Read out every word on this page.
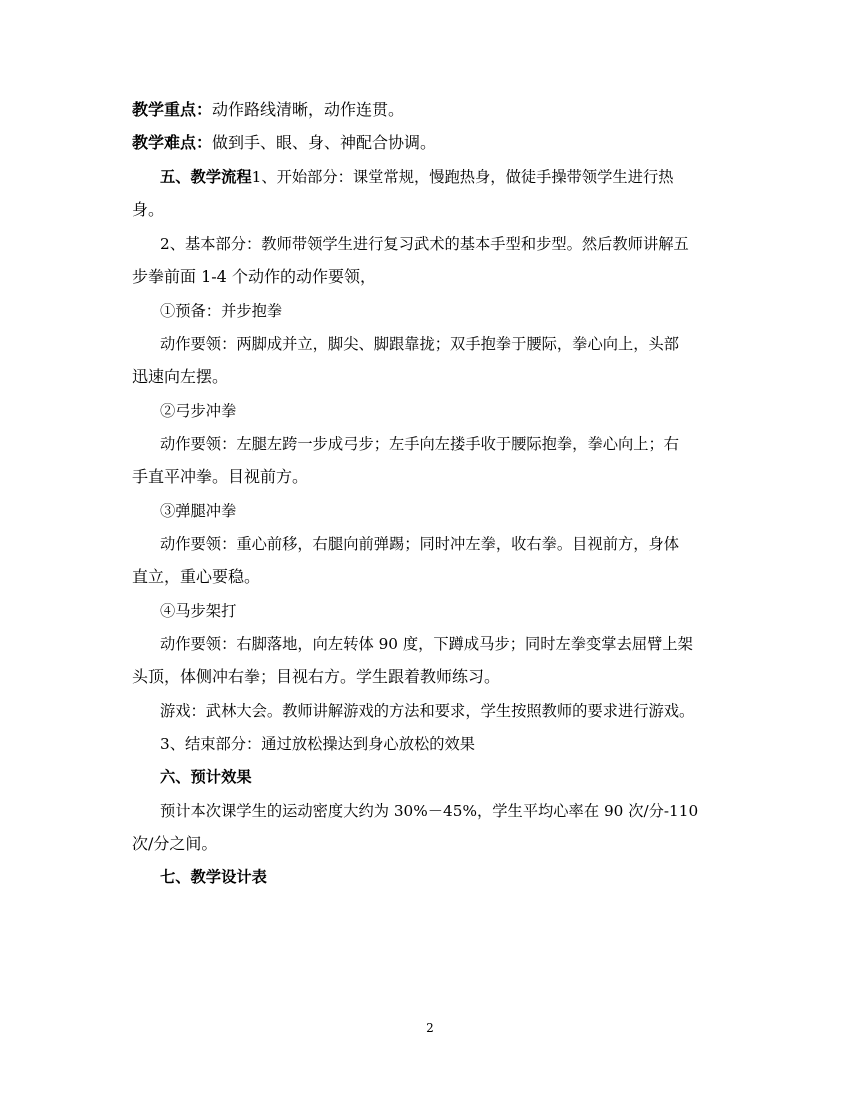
教学重点：动作路线清晰，动作连贯。
教学难点：做到手、眼、身、神配合协调。
五、教学流程1、开始部分：课堂常规，慢跑热身，做徒手操带领学生进行热
身。
2、基本部分：教师带领学生进行复习武术的基本手型和步型。然后教师讲解五
步拳前面 1-4 个动作的动作要领，
①预备：并步抱拳
动作要领：两脚成并立，脚尖、脚跟靠拢；双手抱拳于腰际，拳心向上，头部
迅速向左摆。
②弓步冲拳
动作要领：左腿左跨一步成弓步；左手向左搂手收于腰际抱拳，拳心向上；右
手直平冲拳。目视前方。
③弹腿冲拳
动作要领：重心前移，右腿向前弹踢；同时冲左拳，收右拳。目视前方，身体
直立，重心要稳。
④马步架打
动作要领：右脚落地，向左转体 90 度，下蹲成马步；同时左拳变掌去屈臂上架
头顶，体侧冲右拳；目视右方。学生跟着教师练习。
游戏：武林大会。教师讲解游戏的方法和要求，学生按照教师的要求进行游戏。
3、结束部分：通过放松操达到身心放松的效果
六、预计效果
预计本次课学生的运动密度大约为 30%－45%，学生平均心率在 90 次/分-110
次/分之间。
七、教学设计表
2
